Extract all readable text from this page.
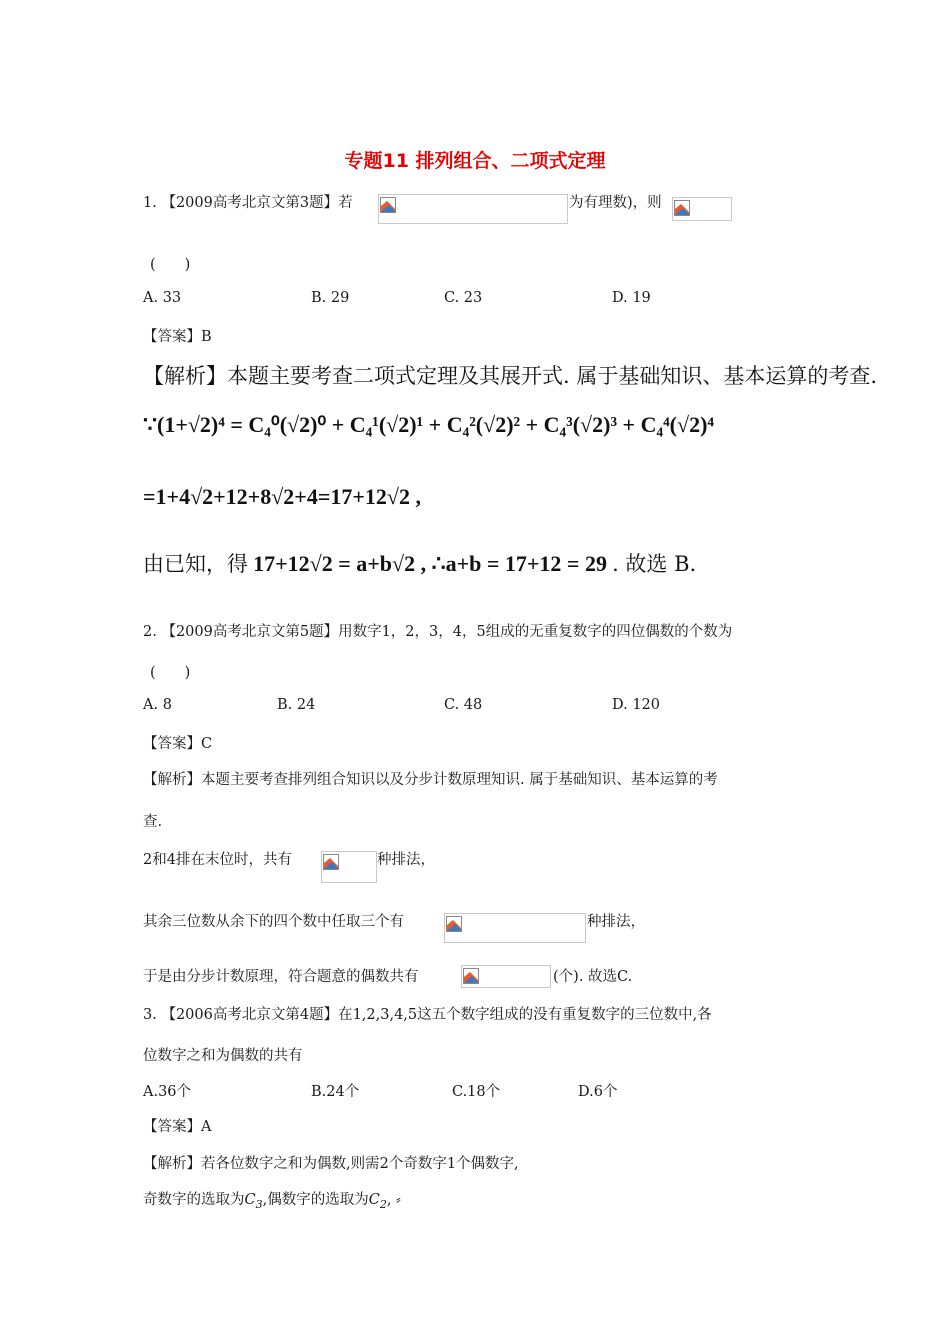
专题11 排列组合、二项式定理
1. 【2009高考北京文第3题】若	为有理数)，则
(　　)
A. 33	B. 29	C. 23	D. 19
【答案】B
【解析】本题主要考查二项式定理及其展开式. 属于基础知识、基本运算的考查.
∵(1+√2)⁴ = C₄⁰(√2)⁰ + C₄¹(√2)¹ + C₄²(√2)² + C₄³(√2)³ + C₄⁴(√2)⁴
=1+4√2+12+8√2+4=17+12√2 ,
由已知，得 17+12√2 = a+b√2 , ∴a+b = 17+12 = 29 . 故选 B.
2. 【2009高考北京文第5题】用数字1，2，3，4，5组成的无重复数字的四位偶数的个数为
(　　)
A. 8	B. 24	C. 48	D. 120
【答案】C
【解析】本题主要考查排列组合知识以及分步计数原理知识. 属于基础知识、基本运算的考
查.
2和4排在末位时，共有	种排法，
其余三位数从余下的四个数中任取三个有	种排法，
于是由分步计数原理，符合题意的偶数共有	(个). 故选C.
3. 【2006高考北京文第4题】在1,2,3,4,5这五个数字组成的没有重复数字的三位数中,各
位数字之和为偶数的共有
A.36个	B.24个	C.18个	D.6个
【答案】A
【解析】若各位数字之和为偶数,则需2个奇数字1个偶数字,
奇数字的选取为$C_3$,偶数字的选取为$C_2$, ⸗
